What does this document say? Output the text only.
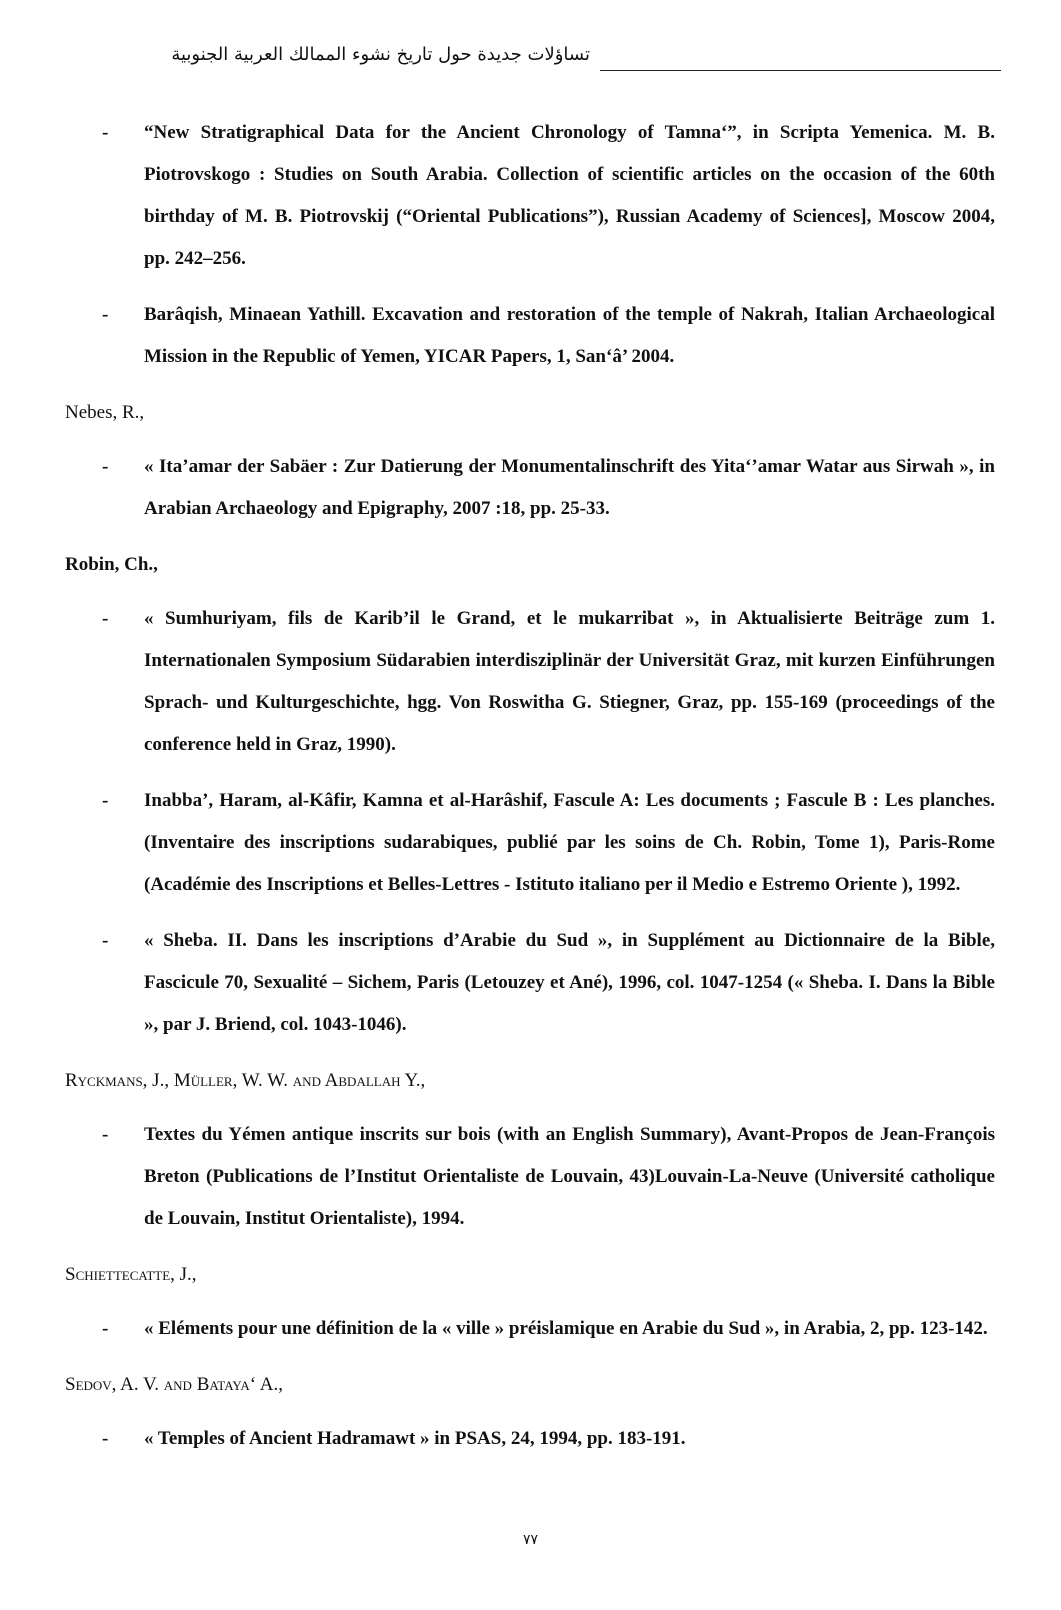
تساؤلات جديدة حول تاريخ نشوء الممالك العربية الجنوبية
- “New Stratigraphical Data for the Ancient Chronology of Tamna‘”, in Scripta Yemenica. M. B. Piotrovskogo : Studies on South Arabia. Collection of scientific articles on the occasion of the 60th birthday of M. B. Piotrovskij (“Oriental Publications”), Russian Academy of Sciences], Moscow 2004, pp. 242–256.
- Barâqish, Minaean Yathill. Excavation and restoration of the temple of Nakrah, Italian Archaeological Mission in the Republic of Yemen, YICAR Papers, 1, San‘â’ 2004.
Nebes, R.,
- « Ita’amar der Sabäer : Zur Datierung der Monumentalinschrift des Yita‘’amar Watar aus Sirwah », in Arabian Archaeology and Epigraphy, 2007 :18, pp. 25-33.
Robin, Ch.,
- « Sumhuriyam, fils de Karib’il le Grand, et le mukarribat », in Aktualisierte Beiträge zum 1. Internationalen Symposium Südarabien interdisziplinär der Universität Graz, mit kurzen Einführungen Sprach- und Kulturgeschichte, hgg. Von Roswitha G. Stiegner, Graz, pp. 155-169 (proceedings of the conference held in Graz, 1990).
- Inabba’, Haram, al-Kâfir, Kamna et al-Harâshif, Fascule A: Les documents ; Fascule B : Les planches. (Inventaire des inscriptions sudarabiques, publié par les soins de Ch. Robin, Tome 1), Paris-Rome (Académie des Inscriptions et Belles-Lettres - Istituto italiano per il Medio e Estremo Oriente ), 1992.
- « Sheba. II. Dans les inscriptions d’Arabie du Sud », in Supplément au Dictionnaire de la Bible, Fascicule 70, Sexualité – Sichem, Paris (Letouzey et Ané), 1996, col. 1047-1254 (« Sheba. I. Dans la Bible », par J. Briend, col. 1043-1046).
Ryckmans, J., Müller, W. W. and Abdallah Y.,
- Textes du Yémen antique inscrits sur bois (with an English Summary), Avant-Propos de Jean-François Breton (Publications de l’Institut Orientaliste de Louvain, 43)Louvain-La-Neuve (Université catholique de Louvain, Institut Orientaliste), 1994.
Schiettecatte, J.,
- « Eléments pour une définition de la « ville » préislamique en Arabie du Sud », in Arabia, 2, pp. 123-142.
Sedov, A. V. and Bataya‘ A.,
- « Temples of Ancient Hadramawt » in PSAS, 24, 1994, pp. 183-191.
٧٧
